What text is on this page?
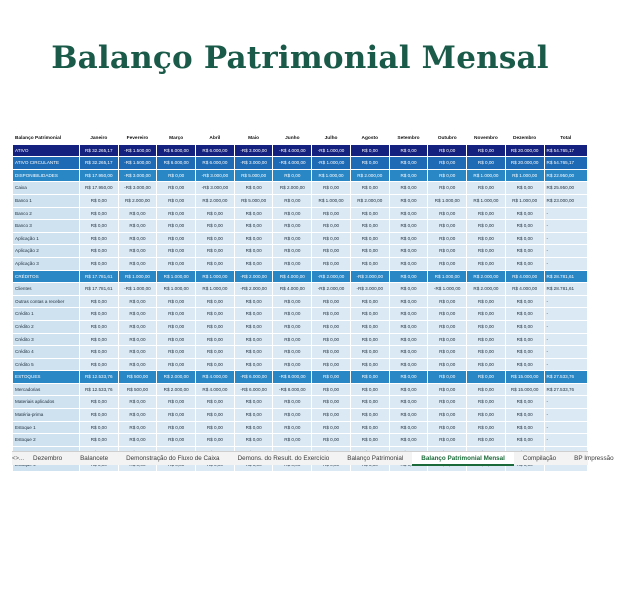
Balanço Patrimonial Mensal
Balanço Patrimonial	Janeiro	Fevereiro	Março	Abril	Maio	Junho	Julho	Agosto	Setembro	Outubro	Novembro	Dezembro	Total
ATIVO	R$ 32.265,17	-R$ 1.500,00	R$ 6.000,00	R$ 6.000,00	-R$ 3.000,00	-R$ 4.000,00	-R$ 1.000,00	R$ 0,00	R$ 0,00	R$ 0,00	R$ 0,00	R$ 20.000,00	R$ 54.765,17
ATIVO CIRCULANTE	R$ 32.265,17	-R$ 1.500,00	R$ 6.000,00	R$ 6.000,00	-R$ 3.000,00	-R$ 4.000,00	-R$ 1.000,00	R$ 0,00	R$ 0,00	R$ 0,00	R$ 0,00	R$ 20.000,00	R$ 54.765,17
DISPONIBILIDADES	R$ 17.950,00	-R$ 3.000,00	R$ 0,00	-R$ 3.000,00	R$ 5.000,00	R$ 0,00	R$ 1.000,00	R$ 2.000,00	R$ 0,00	R$ 0,00	R$ 1.000,00	R$ 1.000,00	R$ 22.950,00
Caixa	R$ 17.950,00	-R$ 3.000,00	R$ 0,00	-R$ 3.000,00	R$ 0,00	R$ 2.000,00	R$ 0,00	R$ 0,00	R$ 0,00	R$ 0,00	R$ 0,00	R$ 0,00	R$ 25.950,00
Banco 1	R$ 0,00	R$ 2.000,00	R$ 0,00	R$ 2.000,00	R$ 5.000,00	R$ 0,00	R$ 1.000,00	R$ 2.000,00	R$ 0,00	R$ 1.000,00	R$ 1.000,00	R$ 1.000,00	R$ 23.000,00
Banco 2	R$ 0,00	R$ 0,00	R$ 0,00	R$ 0,00	R$ 0,00	R$ 0,00	R$ 0,00	R$ 0,00	R$ 0,00	R$ 0,00	R$ 0,00	R$ 0,00	-
Banco 3	R$ 0,00	R$ 0,00	R$ 0,00	R$ 0,00	R$ 0,00	R$ 0,00	R$ 0,00	R$ 0,00	R$ 0,00	R$ 0,00	R$ 0,00	R$ 0,00	-
Aplicação 1	R$ 0,00	R$ 0,00	R$ 0,00	R$ 0,00	R$ 0,00	R$ 0,00	R$ 0,00	R$ 0,00	R$ 0,00	R$ 0,00	R$ 0,00	R$ 0,00	-
Aplicação 2	R$ 0,00	R$ 0,00	R$ 0,00	R$ 0,00	R$ 0,00	R$ 0,00	R$ 0,00	R$ 0,00	R$ 0,00	R$ 0,00	R$ 0,00	R$ 0,00	-
Aplicação 3	R$ 0,00	R$ 0,00	R$ 0,00	R$ 0,00	R$ 0,00	R$ 0,00	R$ 0,00	R$ 0,00	R$ 0,00	R$ 0,00	R$ 0,00	R$ 0,00	-
CRÉDITOS	R$ 17.781,61	R$ 1.000,00	R$ 1.000,00	R$ 1.000,00	-R$ 2.000,00	R$ 4.000,00	-R$ 2.000,00	-R$ 3.000,00	R$ 0,00	R$ 1.000,00	R$ 2.000,00	R$ 4.000,00	R$ 28.781,61
Clientes	R$ 17.781,61	-R$ 1.000,00	R$ 1.000,00	R$ 1.000,00	-R$ 2.000,00	R$ 4.000,00	-R$ 2.000,00	-R$ 3.000,00	R$ 0,00	-R$ 1.000,00	R$ 2.000,00	R$ 4.000,00	R$ 28.781,61
Outras contas a receber	R$ 0,00	R$ 0,00	R$ 0,00	R$ 0,00	R$ 0,00	R$ 0,00	R$ 0,00	R$ 0,00	R$ 0,00	R$ 0,00	R$ 0,00	R$ 0,00	-
Crédito 1	R$ 0,00	R$ 0,00	R$ 0,00	R$ 0,00	R$ 0,00	R$ 0,00	R$ 0,00	R$ 0,00	R$ 0,00	R$ 0,00	R$ 0,00	R$ 0,00	-
Crédito 2	R$ 0,00	R$ 0,00	R$ 0,00	R$ 0,00	R$ 0,00	R$ 0,00	R$ 0,00	R$ 0,00	R$ 0,00	R$ 0,00	R$ 0,00	R$ 0,00	-
Crédito 3	R$ 0,00	R$ 0,00	R$ 0,00	R$ 0,00	R$ 0,00	R$ 0,00	R$ 0,00	R$ 0,00	R$ 0,00	R$ 0,00	R$ 0,00	R$ 0,00	-
Crédito 4	R$ 0,00	R$ 0,00	R$ 0,00	R$ 0,00	R$ 0,00	R$ 0,00	R$ 0,00	R$ 0,00	R$ 0,00	R$ 0,00	R$ 0,00	R$ 0,00	-
Crédito 5	R$ 0,00	R$ 0,00	R$ 0,00	R$ 0,00	R$ 0,00	R$ 0,00	R$ 0,00	R$ 0,00	R$ 0,00	R$ 0,00	R$ 0,00	R$ 0,00	-
ESTOQUES	R$ 12.533,76	R$ 500,00	R$ 2.000,00	R$ 4.000,00	-R$ 6.000,00	-R$ 8.000,00	R$ 0,00	R$ 0,00	R$ 0,00	R$ 0,00	R$ 0,00	R$ 15.000,00	R$ 27.533,76
Mercadorias	R$ 12.533,76	R$ 500,00	R$ 2.000,00	R$ 4.000,00	-R$ 6.000,00	-R$ 8.000,00	R$ 0,00	R$ 0,00	R$ 0,00	R$ 0,00	R$ 0,00	R$ 15.000,00	R$ 27.533,76
Materiais aplicados	R$ 0,00	R$ 0,00	R$ 0,00	R$ 0,00	R$ 0,00	R$ 0,00	R$ 0,00	R$ 0,00	R$ 0,00	R$ 0,00	R$ 0,00	R$ 0,00	-
Matéria-prima	R$ 0,00	R$ 0,00	R$ 0,00	R$ 0,00	R$ 0,00	R$ 0,00	R$ 0,00	R$ 0,00	R$ 0,00	R$ 0,00	R$ 0,00	R$ 0,00	-
Estoque 1	R$ 0,00	R$ 0,00	R$ 0,00	R$ 0,00	R$ 0,00	R$ 0,00	R$ 0,00	R$ 0,00	R$ 0,00	R$ 0,00	R$ 0,00	R$ 0,00	-
Estoque 2	R$ 0,00	R$ 0,00	R$ 0,00	R$ 0,00	R$ 0,00	R$ 0,00	R$ 0,00	R$ 0,00	R$ 0,00	R$ 0,00	R$ 0,00	R$ 0,00	-

< > ...	Dezembro	Balancete	Demonstração do Fluxo de Caixa	Demons. do Result. do Exercício	Balanço Patrimonial	Balanço Patrimonial Mensal	Compilação	BP Impressão
